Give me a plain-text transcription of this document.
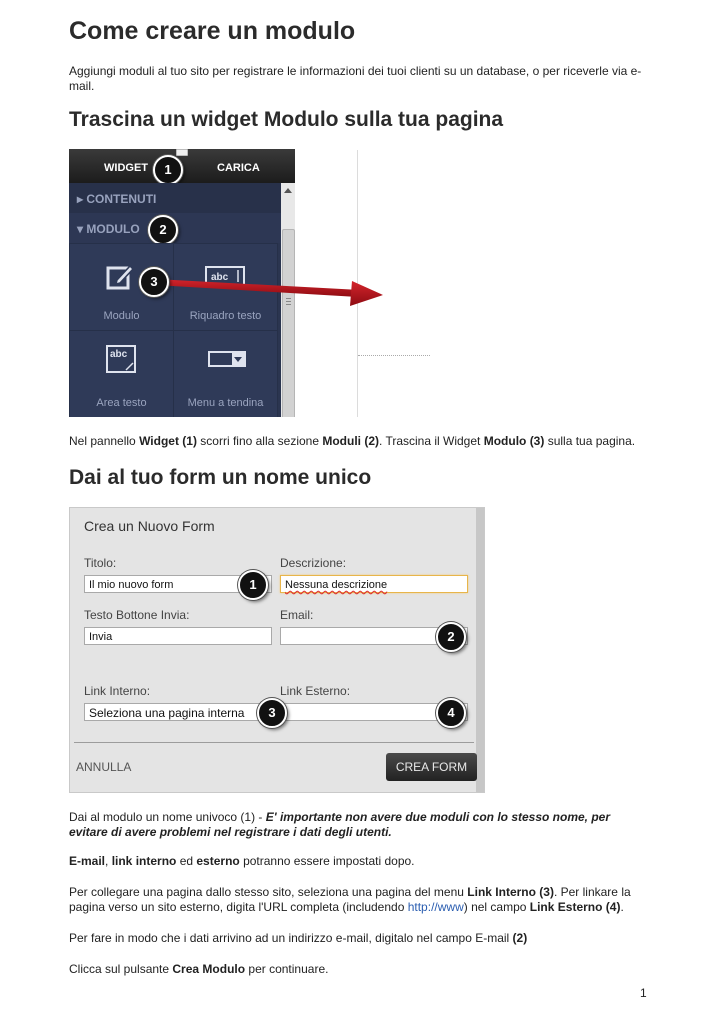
Come creare un modulo

Aggiungi moduli al tuo sito per registrare le informazioni dei tuoi clienti su un database, o per riceverle via e-mail.

Trascina un widget Modulo sulla tua pagina
WIDGET	CARICA
1
▸ CONTENUTI
▾ MODULO	2
Modulo
abc
Riquadro testo
abc
Area testo	Menu a tendina
3

Nel pannello Widget (1) scorri fino alla sezione Moduli (2). Trascina il Widget Modulo (3) sulla tua pagina.

Dai al tuo form un nome unico
Crea un Nuovo Form
Titolo:
Il mio nuovo form
Descrizione:
Nessuna descrizione
Testo Bottone Invia:
Invia
Email:
Link Interno:
Seleziona una pagina interna
Link Esterno:
1
2
3	4
ANNULLA	CREA FORM

Dai al modulo un nome univoco (1) - E' importante non avere due moduli con lo stesso nome, per evitare di avere problemi nel registrare i dati degli utenti.

E-mail, link interno ed esterno potranno essere impostati dopo.

Per collegare una pagina dallo stesso sito, seleziona una pagina del menu Link Interno (3). Per linkare la pagina verso un sito esterno, digita l'URL completa (includendo http://www) nel campo Link Esterno (4).

Per fare in modo che i dati arrivino ad un indirizzo e-mail, digitalo nel campo E-mail (2)

Clicca sul pulsante Crea Modulo per continuare.

1
